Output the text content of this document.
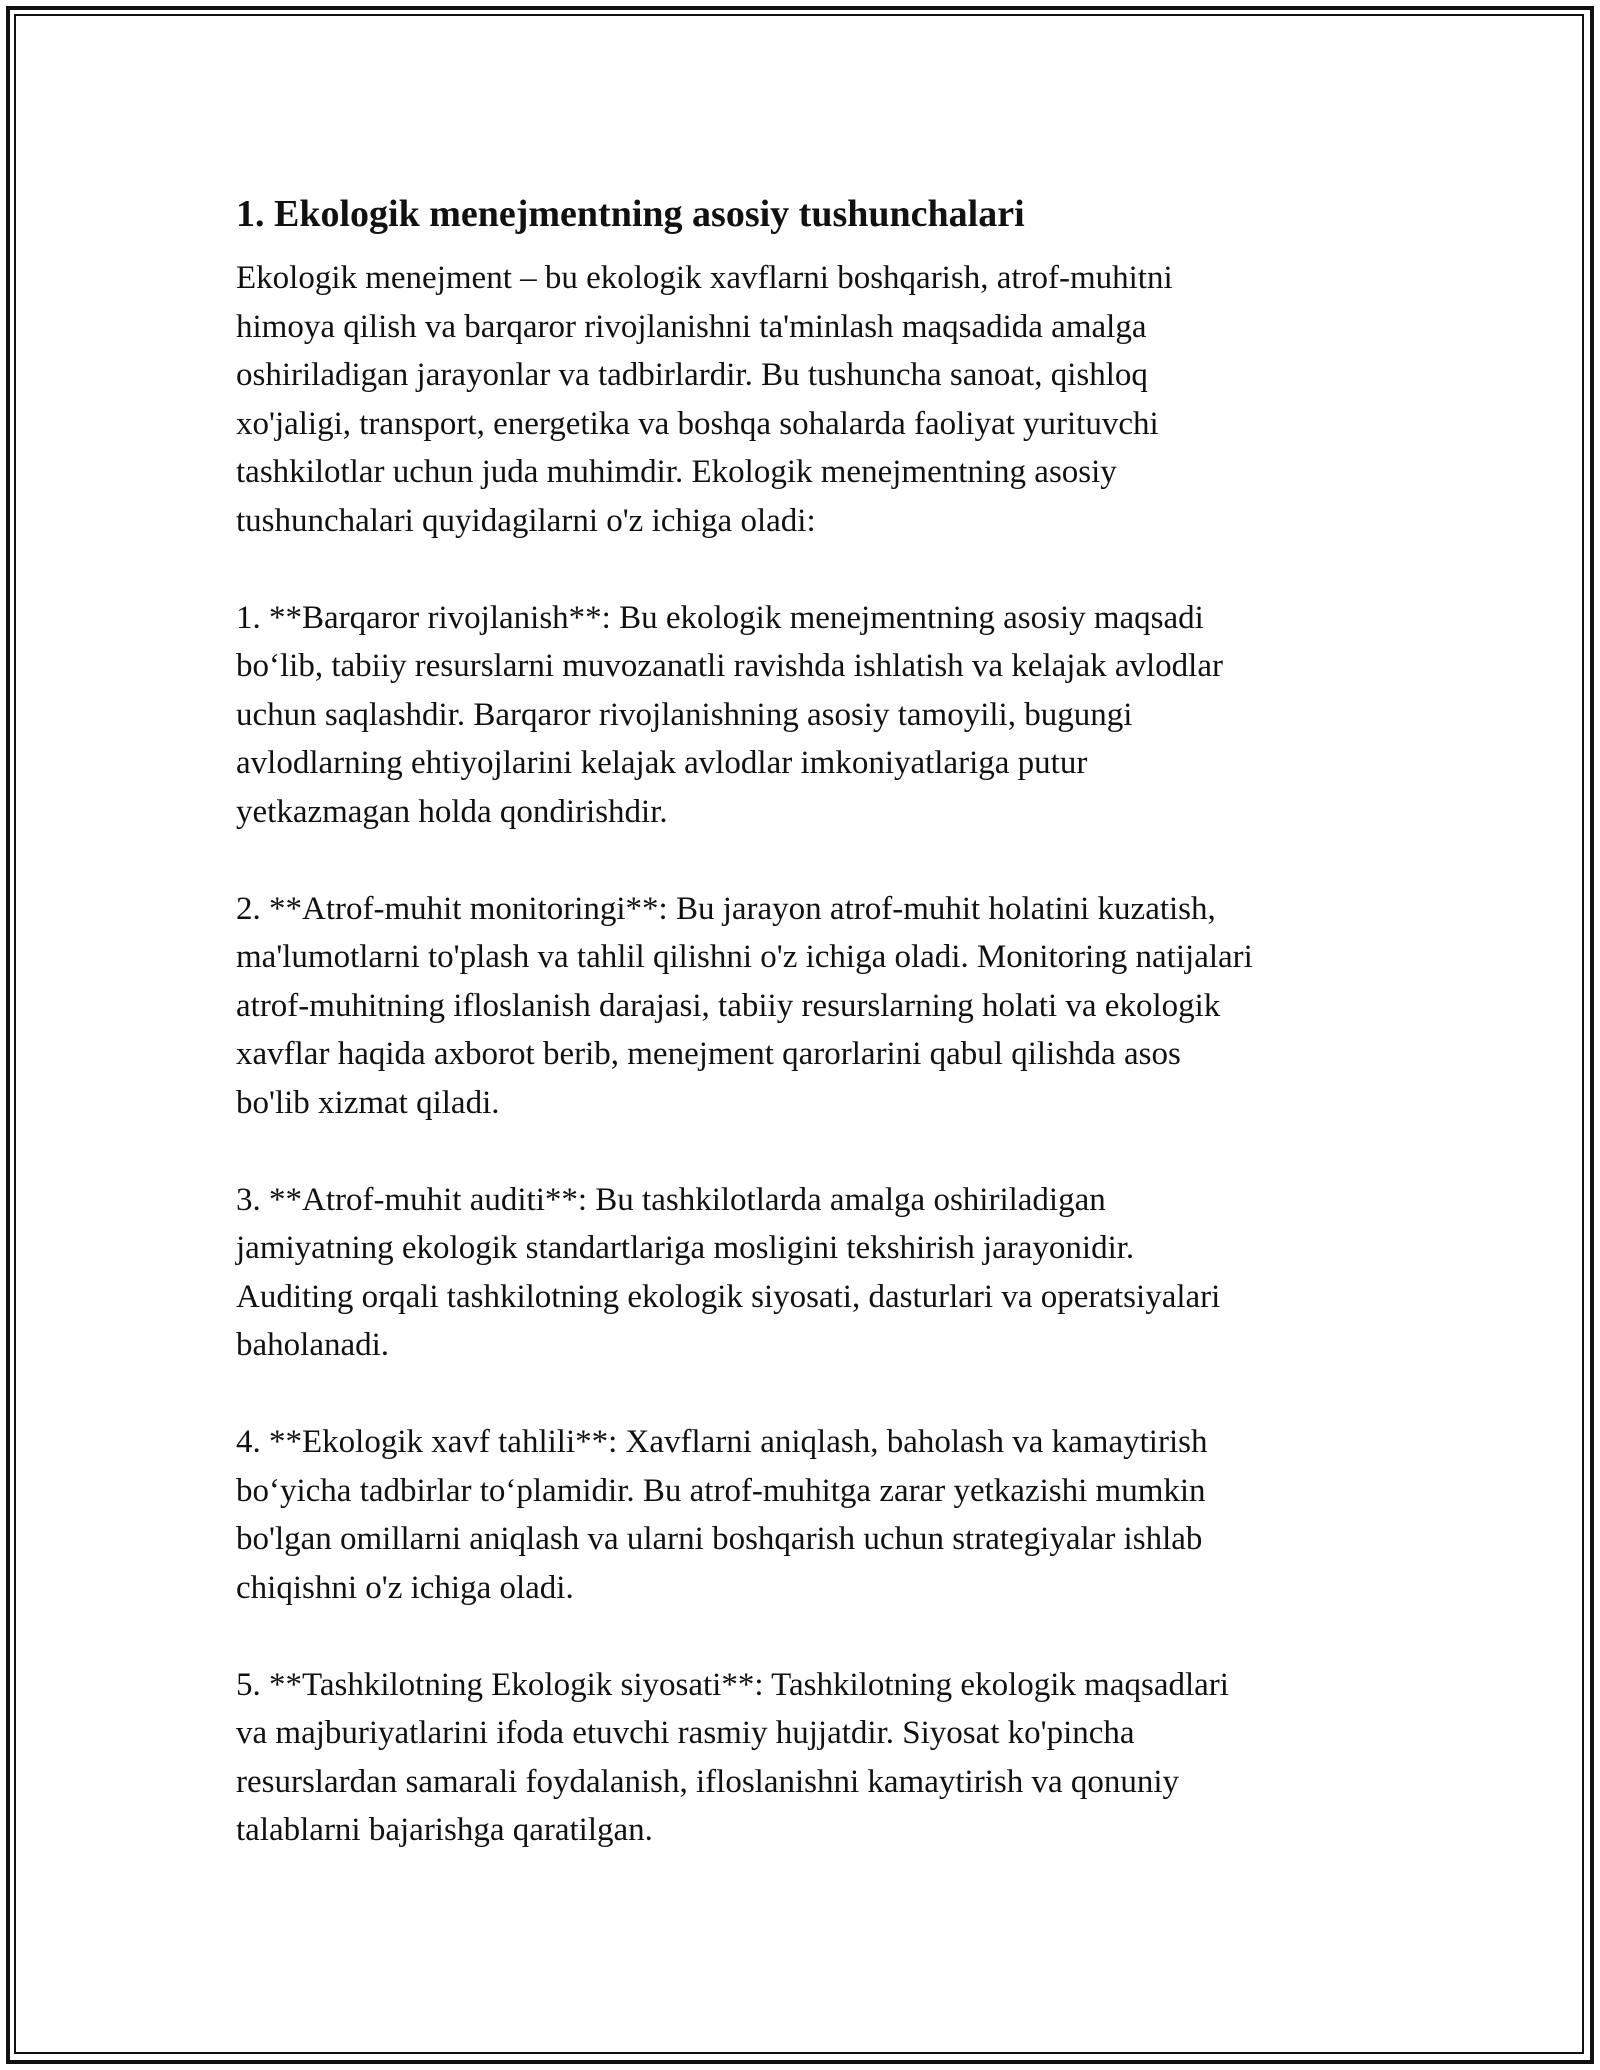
1. Ekologik menejmentning asosiy tushunchalari

Ekologik menejment – bu ekologik xavflarni boshqarish, atrof-muhitni
himoya qilish va barqaror rivojlanishni ta'minlash maqsadida amalga
oshiriladigan jarayonlar va tadbirlardir. Bu tushuncha sanoat, qishloq
xo'jaligi, transport, energetika va boshqa sohalarda faoliyat yurituvchi
tashkilotlar uchun juda muhimdir. Ekologik menejmentning asosiy
tushunchalari quyidagilarni o'z ichiga oladi:

1. **Barqaror rivojlanish**: Bu ekologik menejmentning asosiy maqsadi
bo‘lib, tabiiy resurslarni muvozanatli ravishda ishlatish va kelajak avlodlar
uchun saqlashdir. Barqaror rivojlanishning asosiy tamoyili, bugungi
avlodlarning ehtiyojlarini kelajak avlodlar imkoniyatlariga putur
yetkazmagan holda qondirishdir.

2. **Atrof-muhit monitoringi**: Bu jarayon atrof-muhit holatini kuzatish,
ma'lumotlarni to'plash va tahlil qilishni o'z ichiga oladi. Monitoring natijalari
atrof-muhitning ifloslanish darajasi, tabiiy resurslarning holati va ekologik
xavflar haqida axborot berib, menejment qarorlarini qabul qilishda asos
bo'lib xizmat qiladi.

3. **Atrof-muhit auditi**: Bu tashkilotlarda amalga oshiriladigan
jamiyatning ekologik standartlariga mosligini tekshirish jarayonidir.
Auditing orqali tashkilotning ekologik siyosati, dasturlari va operatsiyalari
baholanadi.

4. **Ekologik xavf tahlili**: Xavflarni aniqlash, baholash va kamaytirish
bo‘yicha tadbirlar to‘plamidir. Bu atrof-muhitga zarar yetkazishi mumkin
bo'lgan omillarni aniqlash va ularni boshqarish uchun strategiyalar ishlab
chiqishni o'z ichiga oladi.

5. **Tashkilotning Ekologik siyosati**: Tashkilotning ekologik maqsadlari
va majburiyatlarini ifoda etuvchi rasmiy hujjatdir. Siyosat ko'pincha
resurslardan samarali foydalanish, ifloslanishni kamaytirish va qonuniy
talablarni bajarishga qaratilgan.
